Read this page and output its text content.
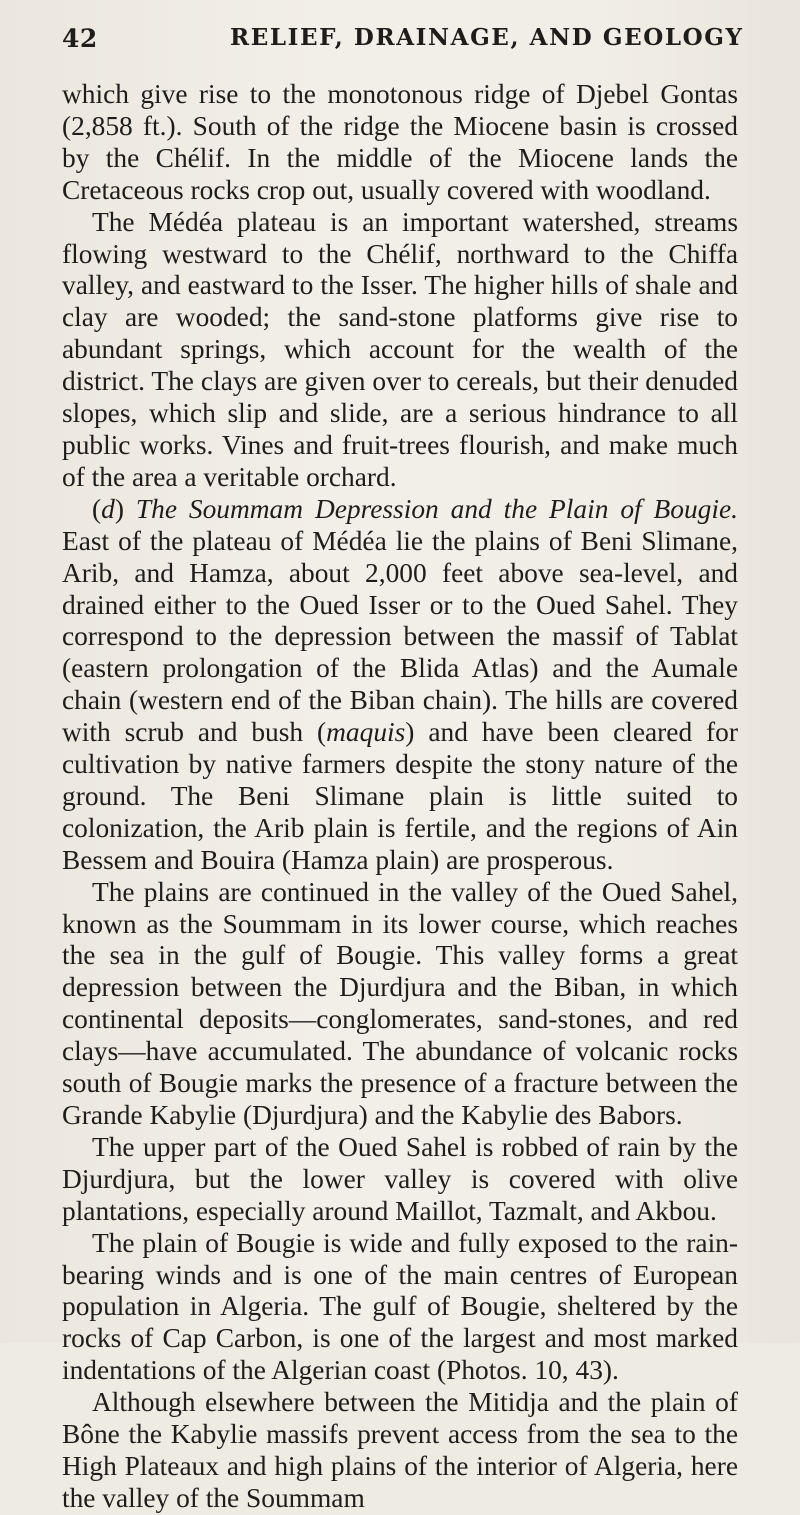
42	RELIEF, DRAINAGE, AND GEOLOGY

which give rise to the monotonous ridge of Djebel Gontas (2,858 ft.). South of the ridge the Miocene basin is crossed by the Chélif. In the middle of the Miocene lands the Cretaceous rocks crop out, usually covered with woodland.

The Médéa plateau is an important watershed, streams flowing westward to the Chélif, northward to the Chiffa valley, and eastward to the Isser. The higher hills of shale and clay are wooded; the sand-stone platforms give rise to abundant springs, which account for the wealth of the district. The clays are given over to cereals, but their denuded slopes, which slip and slide, are a serious hindrance to all public works. Vines and fruit-trees flourish, and make much of the area a veritable orchard.

(d) The Soummam Depression and the Plain of Bougie. East of the plateau of Médéa lie the plains of Beni Slimane, Arib, and Hamza, about 2,000 feet above sea-level, and drained either to the Oued Isser or to the Oued Sahel. They correspond to the depression between the massif of Tablat (eastern prolongation of the Blida Atlas) and the Aumale chain (western end of the Biban chain). The hills are covered with scrub and bush (maquis) and have been cleared for cultivation by native farmers despite the stony nature of the ground. The Beni Slimane plain is little suited to colonization, the Arib plain is fertile, and the regions of Ain Bessem and Bouira (Hamza plain) are prosperous.

The plains are continued in the valley of the Oued Sahel, known as the Soummam in its lower course, which reaches the sea in the gulf of Bougie. This valley forms a great depression between the Djurdjura and the Biban, in which continental deposits—conglomerates, sand-stones, and red clays—have accumulated. The abundance of volcanic rocks south of Bougie marks the presence of a fracture between the Grande Kabylie (Djurdjura) and the Kabylie des Babors.

The upper part of the Oued Sahel is robbed of rain by the Djurdjura, but the lower valley is covered with olive plantations, especially around Maillot, Tazmalt, and Akbou.

The plain of Bougie is wide and fully exposed to the rain-bearing winds and is one of the main centres of European population in Algeria. The gulf of Bougie, sheltered by the rocks of Cap Carbon, is one of the largest and most marked indentations of the Algerian coast (Photos. 10, 43).

Although elsewhere between the Mitidja and the plain of Bône the Kabylie massifs prevent access from the sea to the High Plateaux and high plains of the interior of Algeria, here the valley of the Soummam
